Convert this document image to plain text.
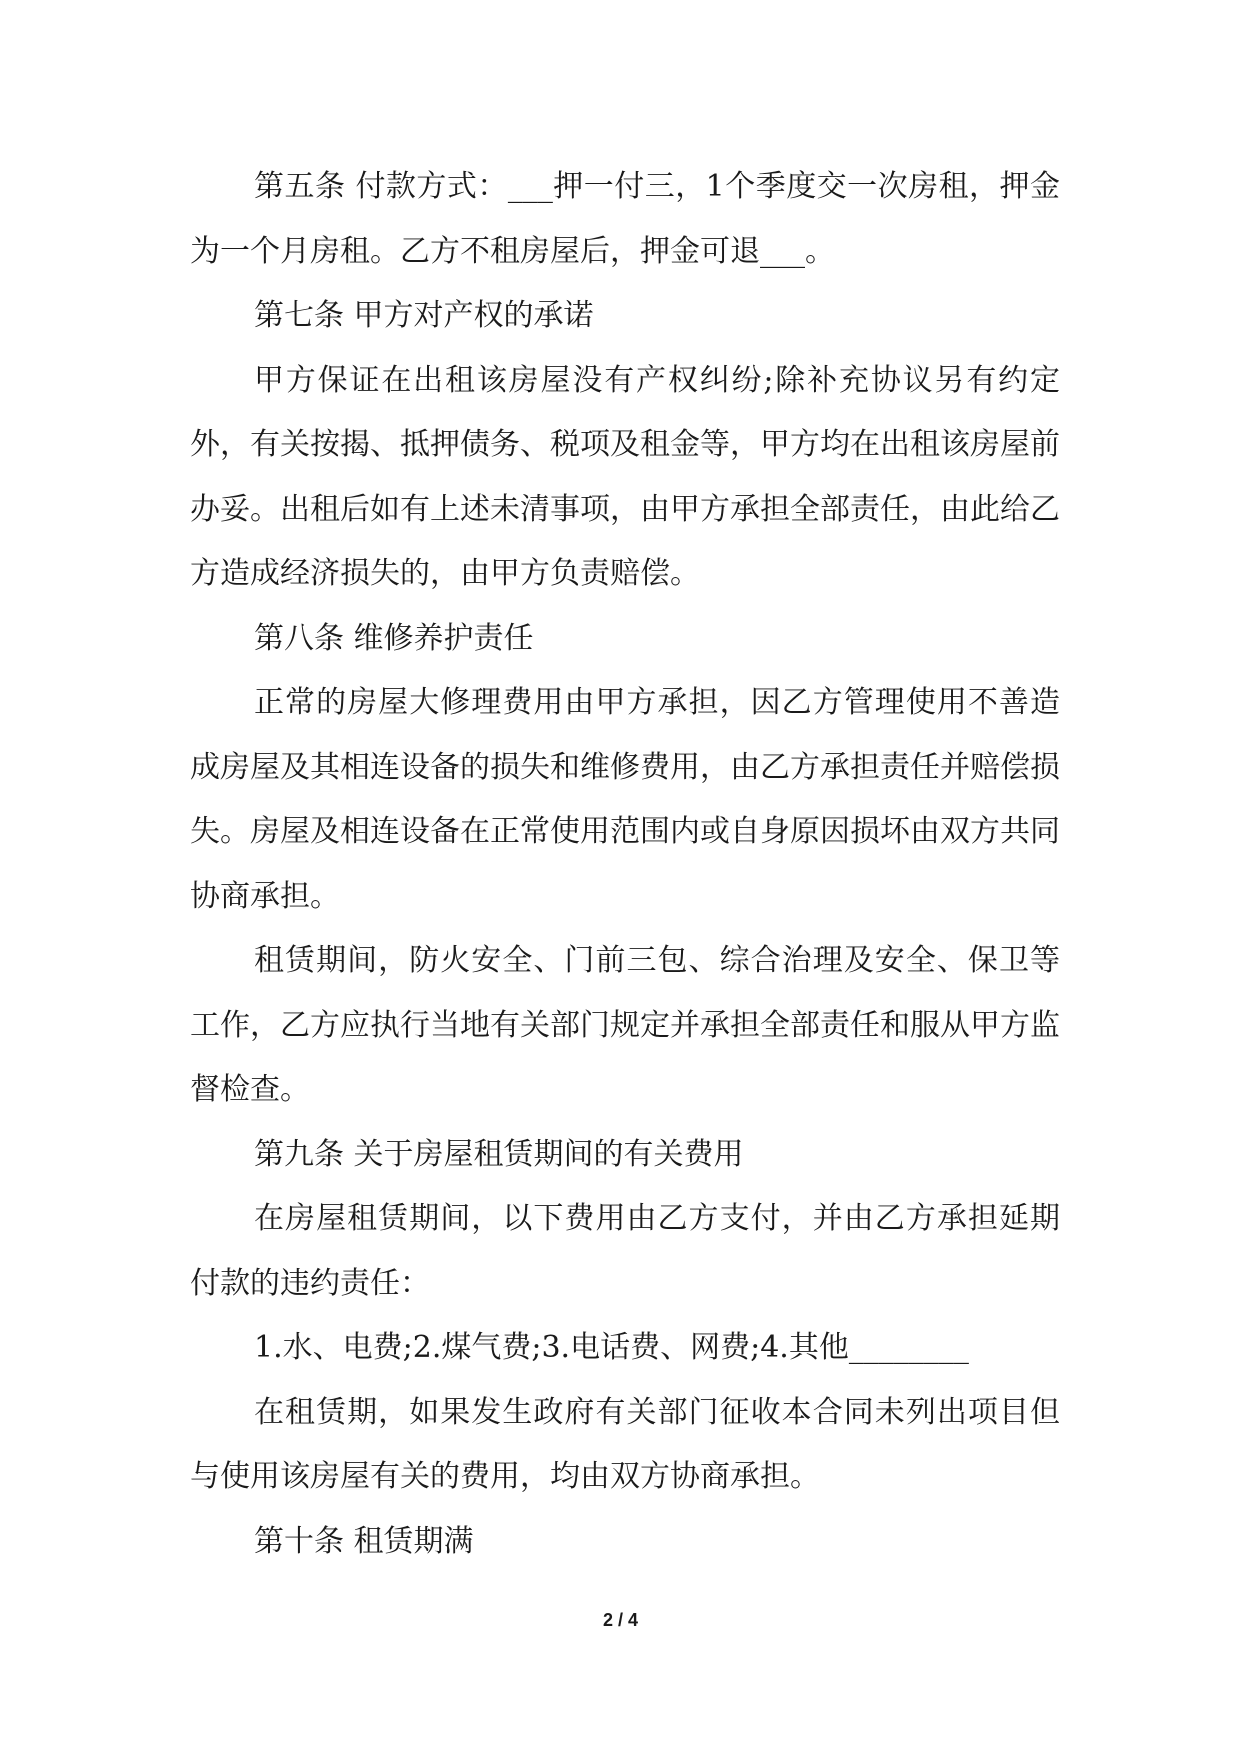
第五条 付款方式：___押一付三，1个季度交一次房租，押金为一个月房租。乙方不租房屋后，押金可退___。

第七条 甲方对产权的承诺

甲方保证在出租该房屋没有产权纠纷;除补充协议另有约定外，有关按揭、抵押债务、税项及租金等，甲方均在出租该房屋前办妥。出租后如有上述未清事项，由甲方承担全部责任，由此给乙方造成经济损失的，由甲方负责赔偿。

第八条 维修养护责任

正常的房屋大修理费用由甲方承担，因乙方管理使用不善造成房屋及其相连设备的损失和维修费用，由乙方承担责任并赔偿损失。房屋及相连设备在正常使用范围内或自身原因损坏由双方共同协商承担。

租赁期间，防火安全、门前三包、综合治理及安全、保卫等工作，乙方应执行当地有关部门规定并承担全部责任和服从甲方监督检查。

第九条 关于房屋租赁期间的有关费用

在房屋租赁期间，以下费用由乙方支付，并由乙方承担延期付款的违约责任：

1.水、电费;2.煤气费;3.电话费、网费;4.其他________

在租赁期，如果发生政府有关部门征收本合同未列出项目但与使用该房屋有关的费用，均由双方协商承担。

第十条 租赁期满

2 / 4
